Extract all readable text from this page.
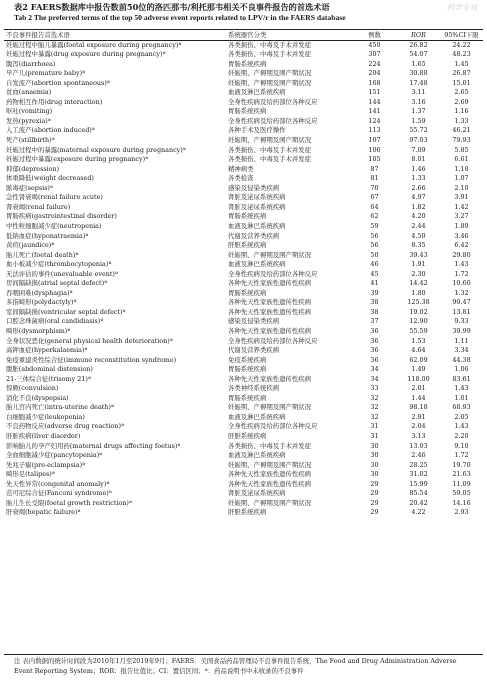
表2 FAERS数据库中报告数前50位的洛匹那韦/利托那韦相关不良事件报告的首选术语
Tab 2 The preferred terms of the top 50 adverse event reports related to LPV/r in the FAERS database
药学专刊
不良事件报告首选术语	系统器官分类	例数	ROR	95%CI下限
妊娠过程中胎儿暴露(foetal exposure during pregnancy)ª	各类损伤、中毒及手术并发症	450	26.82	24.22
妊娠过程中暴露(drug exposure during pregnancy)ª	各类损伤、中毒及手术并发症	307	54.07	48.23
腹泻(diarrhoea)	胃肠系统疾病	224	1.65	1.45
早产儿(premature baby)ª	妊娠期、产褥期及围产期状况	204	30.88	26.87
自发流产(abortion spontaneous)ª	妊娠期、产褥期及围产期状况	168	17.48	15.01
贫血(anaemia)	血液及淋巴系统疾病	151	3.11	2.65
药物相互作用(drug interaction)	全身性疾病及给药部位各种反应	144	3.16	2.69
呕吐(vomiting)	胃肠系统疾病	141	1.37	1.16
发热(pyrexia)ª	全身性疾病及给药部位各种反应	124	1.59	1.33
人工流产(abortion induced)ª	各种手术及医疗操作	113	55.72	46.21
死产(stillbirth)ª	妊娠期、产褥期及围产期状况	107	97.03	79.93
妊娠过程中的暴露(maternal exposure during pregnancy)ª	各类损伤、中毒及手术并发症	106	7.09	5.85
妊娠过程中暴露(exposure during pregnancy)ª	各类损伤、中毒及手术并发症	105	8.01	6.61
抑郁(depression)	精神病类	87	1.46	1.18
体重降低(weight decreased)	各类检查	81	1.33	1.07
脓毒症(sepsis)ª	感染及侵染类疾病	70	2.66	2.10
急性肾衰竭(renal failure acute)	肾脏及泌尿系统疾病	67	4.97	3.91
肾衰竭(renal failure)	肾脏及泌尿系统疾病	64	1.82	1.42
胃肠疾病(gastrointestinal disorder)	胃肠系统疾病	62	4.20	3.27
中性粒细胞减少症(neutropenia)	血液及淋巴系统疾病	59	2.44	1.89
低钠血症(hyponatraemia)ª	代谢及营养类疾病	56	4.50	3.46
黄疸(jaundice)ª	肝胆系统疾病	56	8.35	6.42
胎儿死亡(foetal death)ª	妊娠期、产褥期及围产期状况	50	39.43	29.80
血小板减少症(thrombocytopenia)ª	血液及淋巴系统疾病	46	1.91	1.43
无法评估的事件(unevaluable event)ª	全身性疾病及给药部位各种反应	45	2.30	1.72
房间隔缺损(atrial septal defect)ª	各种先天性家族性遗传性疾病	41	14.42	10.60
吞咽困难(dysphagia)ª	胃肠系统疾病	39	1.80	1.32
多指畸形(polydactyly)ª	各种先天性家族性遗传性疾病	38	125.38	90.47
室间隔缺损(ventricular septal defect)ª	各种先天性家族性遗传性疾病	38	19.02	13.81
口腔念珠菌病(oral candidiasis)ª	感染及侵染类疾病	37	12.90	9.33
畸形(dysmorphism)ª	各种先天性家族性遗传性疾病	36	55.59	39.99
全身状况恶化(general physical health deterioration)ª	全身性疾病及给药部位各种反应	36	1.53	1.11
高钾血症(hyperkalaemia)ª	代谢及营养类疾病	36	4.64	3.34
免疫重建炎性综合征(immune reconstitution syndrome)	免疫系统疾病	36	62.09	44.38
腹胀(abdominal distension)	胃肠系统疾病	34	1.49	1.06
21-三体综合征(trisomy 21)ª	各种先天性家族性遗传性疾病	34	118.00	83.61
惊厥(convulsion)	各类神经系统疾病	33	2.01	1.43
消化不良(dyspepsia)	胃肠系统疾病	32	1.44	1.01
胎儿宫内死亡(intra-uterine death)ª	妊娠期、产褥期及围产期状况	32	98.18	68.93
白细胞减少症(leukopenia)	血液及淋巴系统疾病	32	2.91	2.05
不良药物反应(adverse drug reaction)ª	全身性疾病及给药部位各种反应	31	2.04	1.43
肝脏疾病(liver disorder)	肝胆系统疾病	31	3.13	2.20
影响胎儿的孕产妇用药(maternal drugs affecting foetus)ª	各类损伤、中毒及手术并发症	30	13.03	9.10
全血细胞减少症(pancytopenia)ª	血液及淋巴系统疾病	30	2.46	1.72
先兆子痫(pre-eclampsia)ª	妊娠期、产褥期及围产期状况	30	28.25	19.70
畸形足(talipes)ª	各种先天性家族性遗传性疾病	30	31.02	21.63
先天性异常(congenital anomaly)ª	各种先天性家族性遗传性疾病	29	15.99	11.09
范可尼综合征(Fanconi syndrome)ª	肾脏及泌尿系统疾病	29	85.54	59.05
胎儿生长受限(foetal growth restriction)ª	妊娠期、产褥期及围产期状况	29	20.42	14.16
肝衰竭(hepatic failure)ª	肝胆系统疾病	29	4.22	2.93
注 表内数据的统计时间段为2010年1月至2019年9月；FAERS：美国食品药品管理局不良事件报告系统，The Food and Drug Administration Adverse Event Reporting System；ROR：报告比值比；CI：置信区间；ª：药品说明书中未收录的不良事件
